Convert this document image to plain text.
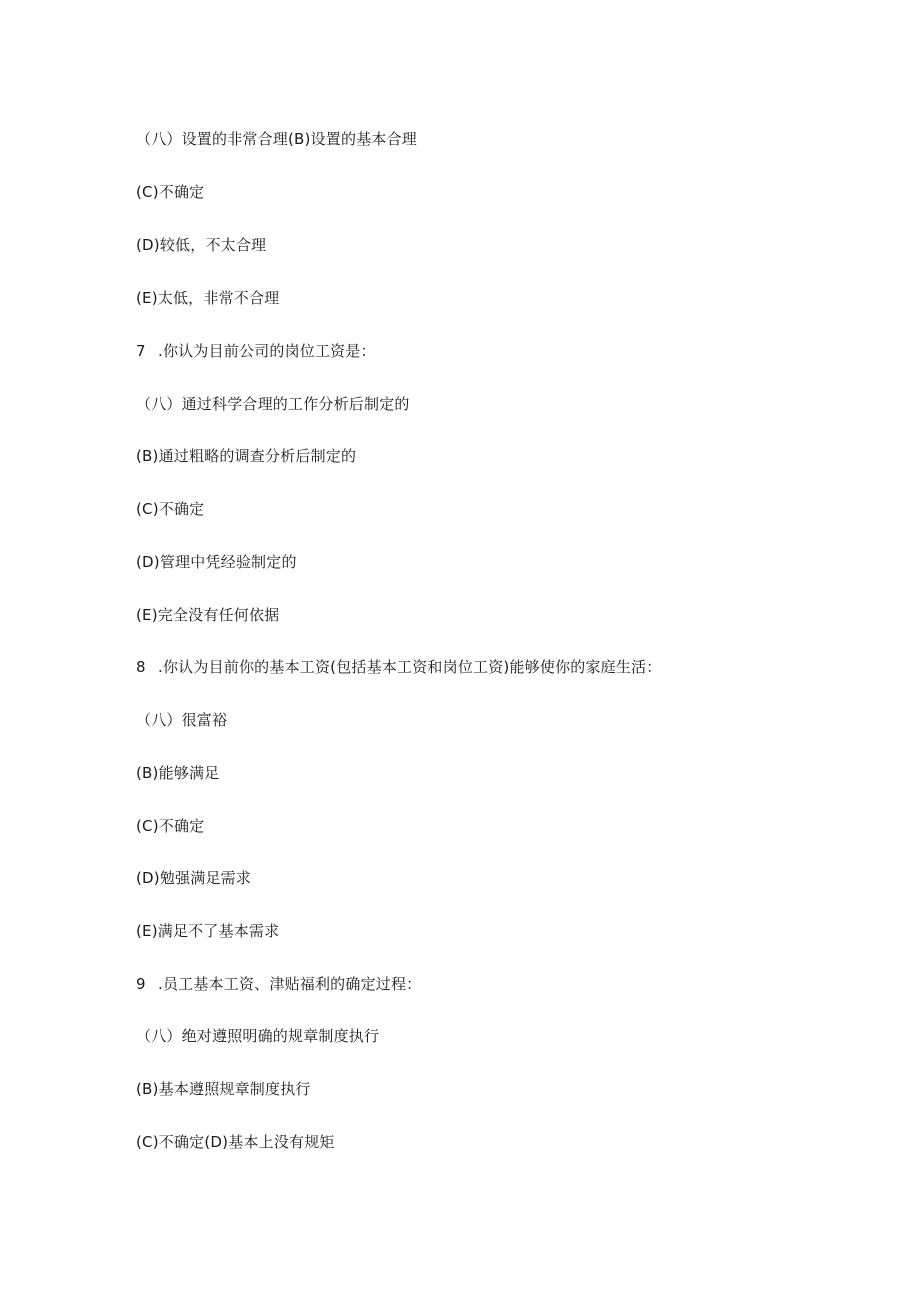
（八）设置的非常合理(B)设置的基本合理
(C)不确定
(D)较低，不太合理
(E)太低，非常不合理
7 .你认为目前公司的岗位工资是：
（八）通过科学合理的工作分析后制定的
(B)通过粗略的调查分析后制定的
(C)不确定
(D)管理中凭经验制定的
(E)完全没有任何依据
8 .你认为目前你的基本工资(包括基本工资和岗位工资)能够使你的家庭生活：
（八）很富裕
(B)能够满足
(C)不确定
(D)勉强满足需求
(E)满足不了基本需求
9 .员工基本工资、津贴福利的确定过程：
（八）绝对遵照明确的规章制度执行
(B)基本遵照规章制度执行
(C)不确定(D)基本上没有规矩
